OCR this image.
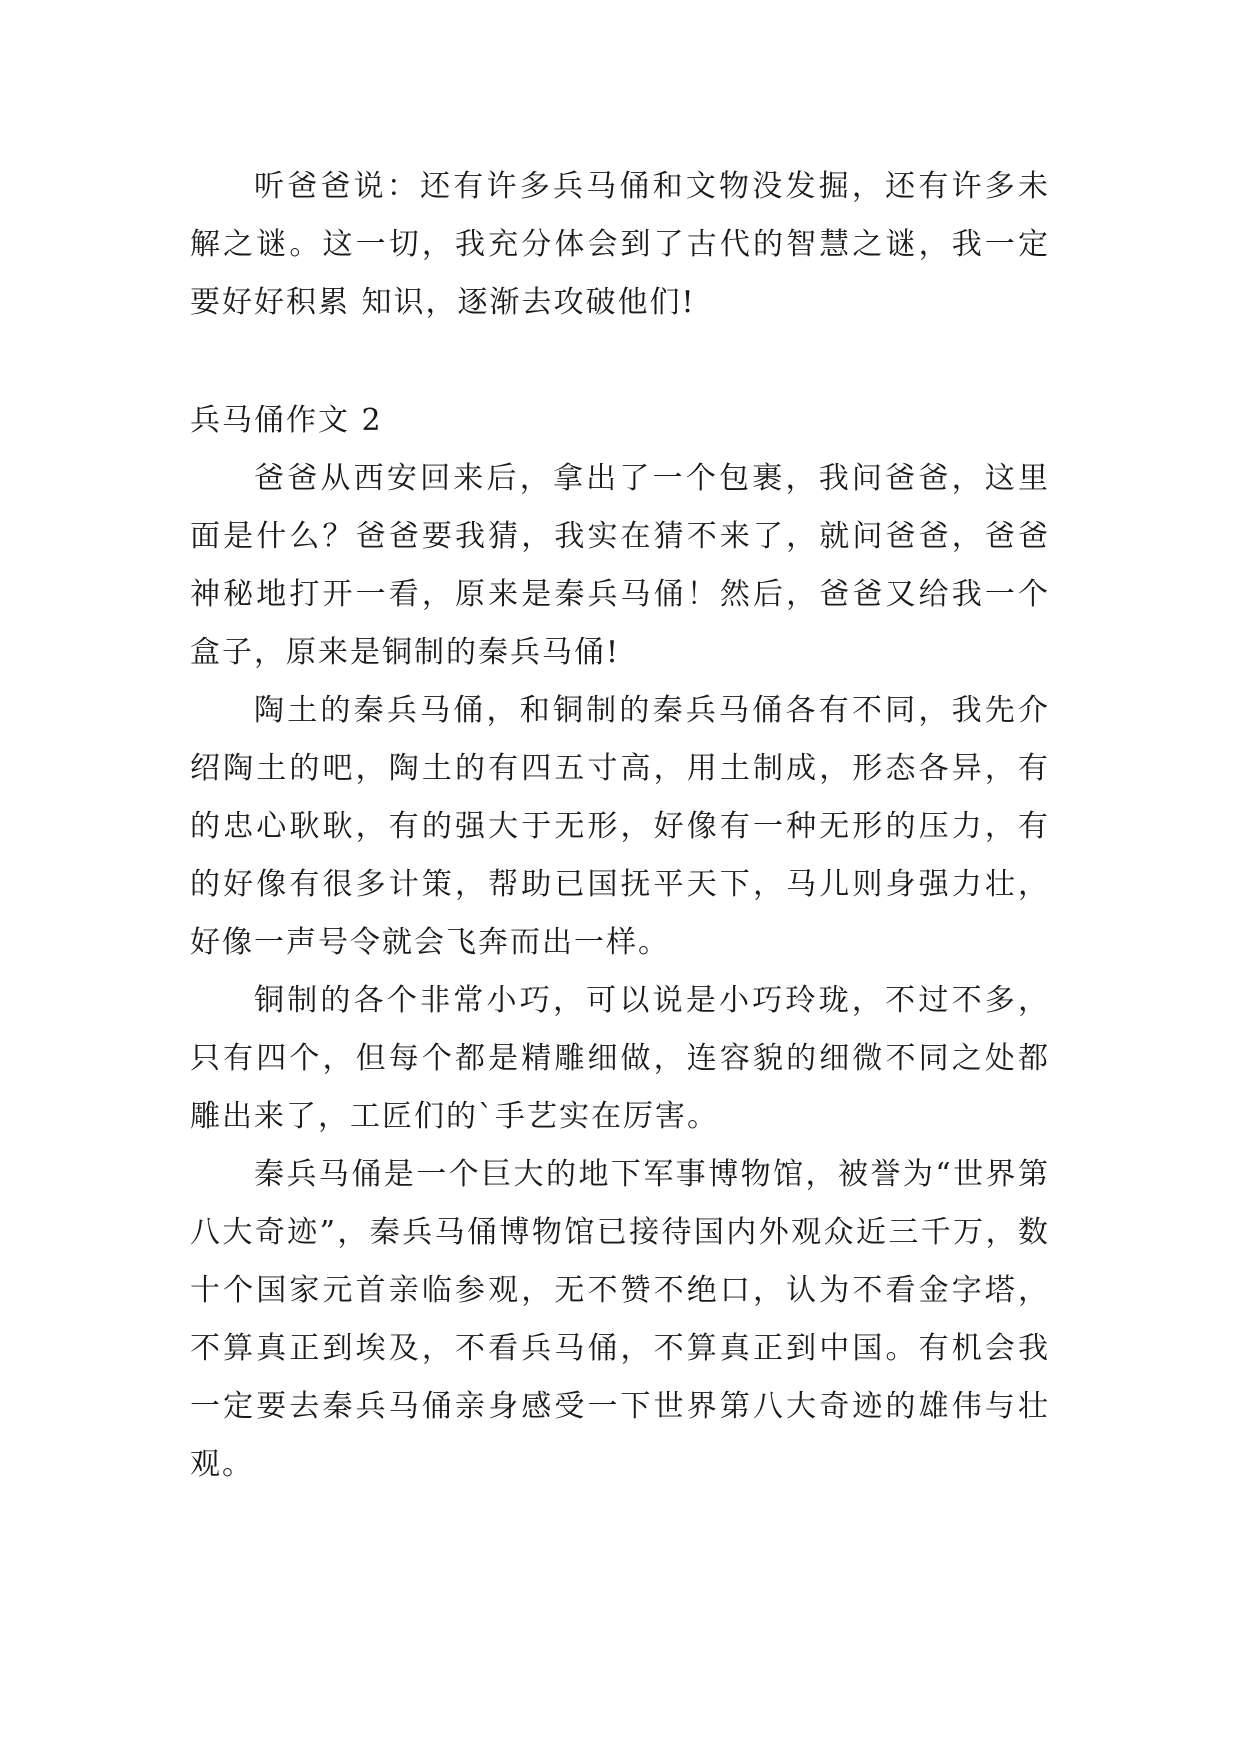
听爸爸说：还有许多兵马俑和文物没发掘，还有许多未解之谜。这一切，我充分体会到了古代的智慧之谜，我一定要好好积累 知识，逐渐去攻破他们!

兵马俑作文 2

爸爸从西安回来后，拿出了一个包裹，我问爸爸，这里面是什么？爸爸要我猜，我实在猜不来了，就问爸爸，爸爸神秘地打开一看，原来是秦兵马俑！然后，爸爸又给我一个盒子，原来是铜制的秦兵马俑!

陶土的秦兵马俑，和铜制的秦兵马俑各有不同，我先介绍陶土的吧，陶土的有四五寸高，用土制成，形态各异，有的忠心耿耿，有的强大于无形，好像有一种无形的压力，有的好像有很多计策，帮助已国抚平天下，马儿则身强力壮，好像一声号令就会飞奔而出一样。

铜制的各个非常小巧，可以说是小巧玲珑，不过不多，只有四个，但每个都是精雕细做，连容貌的细微不同之处都雕出来了，工匠们的`手艺实在厉害。

秦兵马俑是一个巨大的地下军事博物馆，被誉为“世界第八大奇迹”，秦兵马俑博物馆已接待国内外观众近三千万，数十个国家元首亲临参观，无不赞不绝口，认为不看金字塔，不算真正到埃及，不看兵马俑，不算真正到中国。有机会我一定要去秦兵马俑亲身感受一下世界第八大奇迹的雄伟与壮观。
